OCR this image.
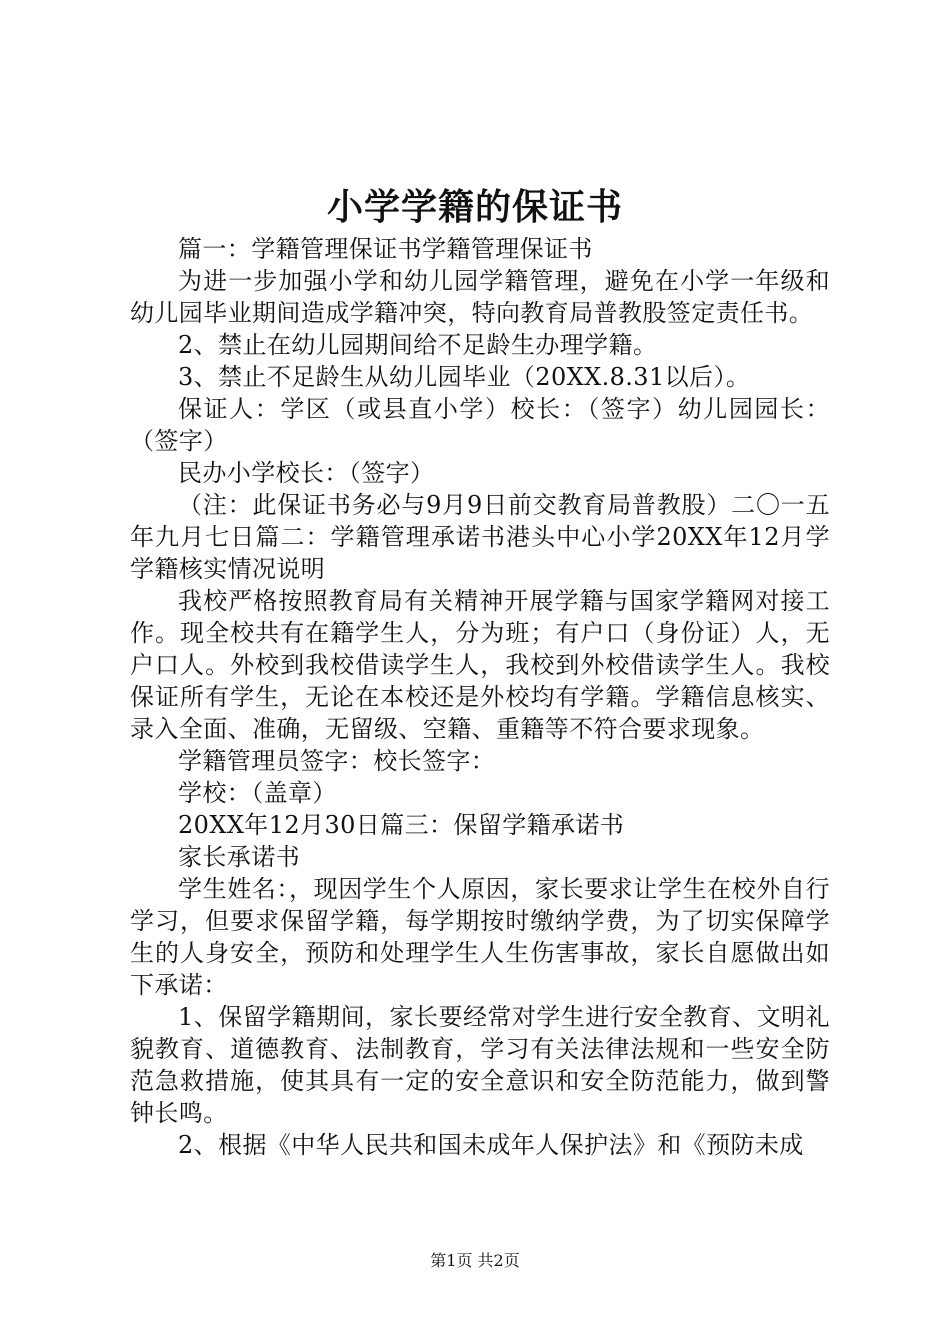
小学学籍的保证书

篇一：学籍管理保证书学籍管理保证书

为进一步加强小学和幼儿园学籍管理，避免在小学一年级和幼儿园毕业期间造成学籍冲突，特向教育局普教股签定责任书。

2、禁止在幼儿园期间给不足龄生办理学籍。

3、禁止不足龄生从幼儿园毕业（20XX.8.31以后）。

保证人：学区（或县直小学）校长：（签字）幼儿园园长：（签字）

民办小学校长：（签字）

（注：此保证书务必与9月9日前交教育局普教股）二〇一五年九月七日篇二：学籍管理承诺书港头中心小学20XX年12月学学籍核实情况说明

我校严格按照教育局有关精神开展学籍与国家学籍网对接工作。现全校共有在籍学生人，分为班；有户口（身份证）人，无户口人。外校到我校借读学生人，我校到外校借读学生人。我校保证所有学生，无论在本校还是外校均有学籍。学籍信息核实、录入全面、准确，无留级、空籍、重籍等不符合要求现象。

学籍管理员签字：校长签字：

学校：（盖章）

20XX年12月30日篇三：保留学籍承诺书

家长承诺书

学生姓名：，现因学生个人原因，家长要求让学生在校外自行学习，但要求保留学籍，每学期按时缴纳学费，为了切实保障学生的人身安全，预防和处理学生人生伤害事故，家长自愿做出如下承诺：

1、保留学籍期间，家长要经常对学生进行安全教育、文明礼貌教育、道德教育、法制教育，学习有关法律法规和一些安全防范急救措施，使其具有一定的安全意识和安全防范能力，做到警钟长鸣。

2、根据《中华人民共和国未成年人保护法》和《预防未成

第1页 共2页
